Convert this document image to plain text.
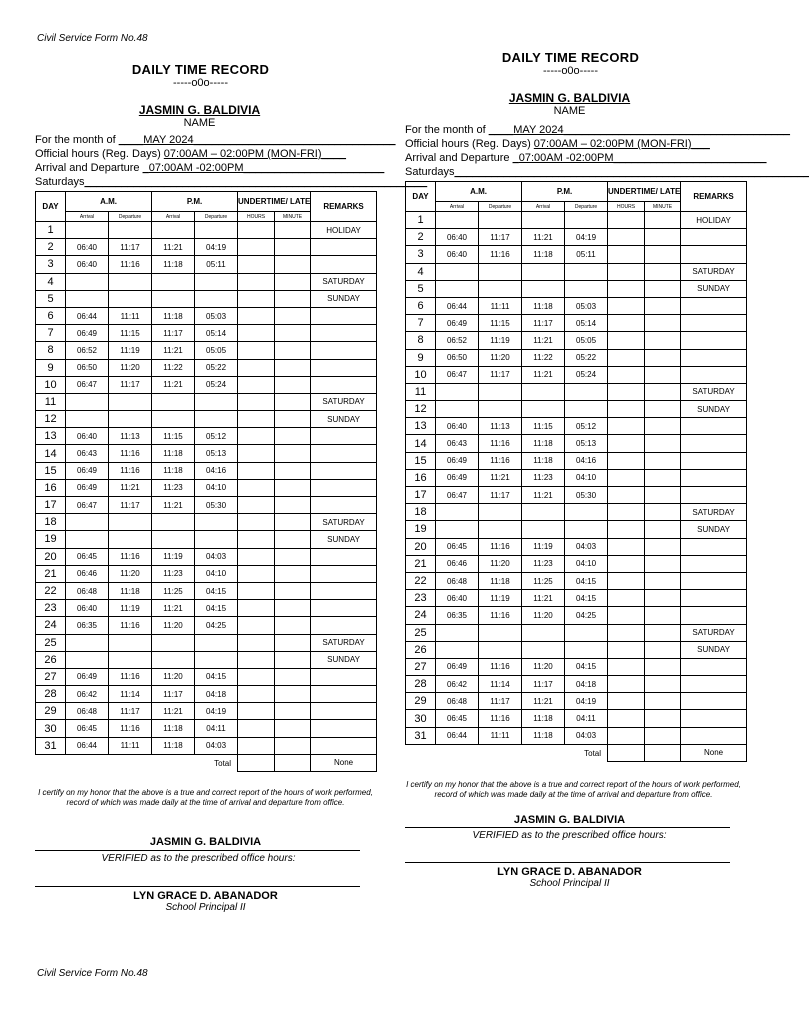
Civil Service Form No.48
Civil Service Form No.48
DAILY TIME RECORD
-----o0o-----
JASMIN G. BALDIVIA
NAME
For the month of ____MAY 2024_________________________________
Official hours (Reg. Days) 07:00AM – 02:00PM (MON-FRI)____
Arrival and Departure _07:00AM -02:00PM_______________________
Saturdays________________________________________________________
DAY	A.M.		P.M.		UNDERTIME/ LATE		REMARKS
	Arrival	Departure	Arrival	Departure	HOURS	MINUTE	
1							HOLIDAY
2	06:40	11:17	11:21	04:19			
3	06:40	11:16	11:18	05:11			
4							SATURDAY
5							SUNDAY
6	06:44	11:11	11:18	05:03			
7	06:49	11:15	11:17	05:14			
8	06:52	11:19	11:21	05:05			
9	06:50	11:20	11:22	05:22			
10	06:47	11:17	11:21	05:24			
11							SATURDAY
12							SUNDAY
13	06:40	11:13	11:15	05:12			
14	06:43	11:16	11:18	05:13			
15	06:49	11:16	11:18	04:16			
16	06:49	11:21	11:23	04:10			
17	06:47	11:17	11:21	05:30			
18							SATURDAY
19							SUNDAY
20	06:45	11:16	11:19	04:03			
21	06:46	11:20	11:23	04:10			
22	06:48	11:18	11:25	04:15			
23	06:40	11:19	11:21	04:15			
24	06:35	11:16	11:20	04:25			
25							SATURDAY
26							SUNDAY
27	06:49	11:16	11:20	04:15			
28	06:42	11:14	11:17	04:18			
29	06:48	11:17	11:21	04:19			
30	06:45	11:16	11:18	04:11			
31	06:44	11:11	11:18	04:03			
Total							None
I certify on my honor that the above is a true and correct report of the hours of work performed, record of which was made daily at the time of arrival and departure from office.
JASMIN G. BALDIVIA
VERIFIED as to the prescribed office hours:
LYN GRACE D. ABANADOR
School Principal II
DAILY TIME RECORD
-----o0o-----
JASMIN G. BALDIVIA
NAME
For the month of ____MAY 2024_____________________________________
Official hours (Reg. Days) 07:00AM – 02:00PM (MON-FRI)___
Arrival and Departure _07:00AM -02:00PM_________________________
Saturdays__________________________________________________________
DAY	A.M.		P.M.		UNDERTIME/ LATE		REMARKS
	Arrival	Departure	Arrival	Departure	HOURS	MINUTE	
1							HOLIDAY
2	06:40	11:17	11:21	04:19			
3	06:40	11:16	11:18	05:11			
4							SATURDAY
5							SUNDAY
6	06:44	11:11	11:18	05:03			
7	06:49	11:15	11:17	05:14			
8	06:52	11:19	11:21	05:05			
9	06:50	11:20	11:22	05:22			
10	06:47	11:17	11:21	05:24			
11							SATURDAY
12							SUNDAY
13	06:40	11:13	11:15	05:12			
14	06:43	11:16	11:18	05:13			
15	06:49	11:16	11:18	04:16			
16	06:49	11:21	11:23	04:10			
17	06:47	11:17	11:21	05:30			
18							SATURDAY
19							SUNDAY
20	06:45	11:16	11:19	04:03			
21	06:46	11:20	11:23	04:10			
22	06:48	11:18	11:25	04:15			
23	06:40	11:19	11:21	04:15			
24	06:35	11:16	11:20	04:25			
25							SATURDAY
26							SUNDAY
27	06:49	11:16	11:20	04:15			
28	06:42	11:14	11:17	04:18			
29	06:48	11:17	11:21	04:19			
30	06:45	11:16	11:18	04:11			
31	06:44	11:11	11:18	04:03			
Total							None
I certify on my honor that the above is a true and correct report of the hours of work performed, record of which was made daily at the time of arrival and departure from office.
JASMIN G. BALDIVIA
VERIFIED as to the prescribed office hours:
LYN GRACE D. ABANADOR
School Principal II
